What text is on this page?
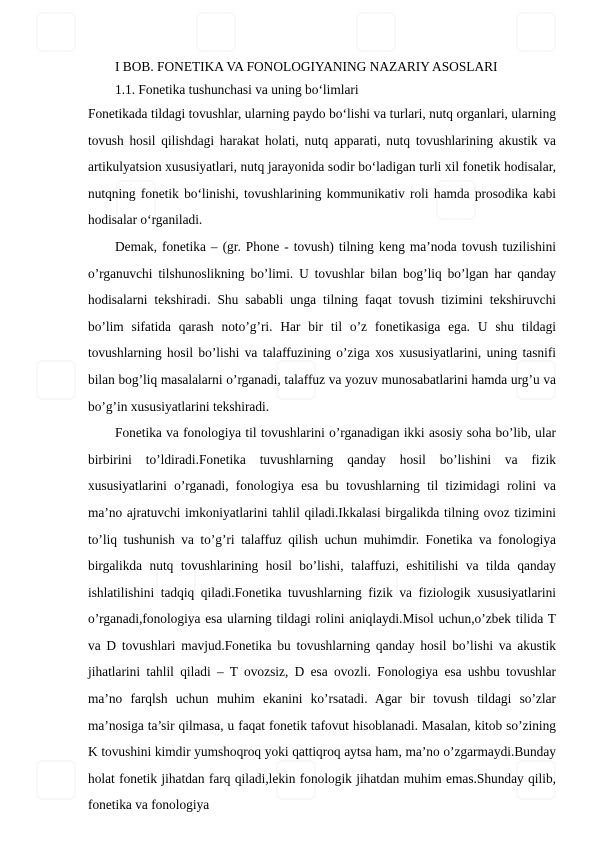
I BOB. FONETIKA VA FONOLOGIYANING NAZARIY ASOSLARI
1.1. Fonetika tushunchasi va uning bo‘limlari

Fonetikada tildagi tovushlar, ularning paydo bo‘lishi va turlari, nutq organlari, ularning tovush hosil qilishdagi harakat holati, nutq apparati, nutq tovushlarining akustik va artikulyatsion xususiyatlari, nutq jarayonida sodir bo‘ladigan turli xil fonetik hodisalar, nutqning fonetik bo‘linishi, tovushlarining kommunikativ roli hamda prosodika kabi hodisalar o‘rganiladi.

Demak, fonetika – (gr. Phone - tovush) tilning keng ma’noda tovush tuzilishini o’rganuvchi tilshunoslikning bo’limi. U tovushlar bilan bog’liq bo’lgan har qanday hodisalarni tekshiradi. Shu sababli unga tilning faqat tovush tizimini tekshiruvchi bo’lim sifatida qarash noto’g’ri. Har bir til o’z fonetikasiga ega. U shu tildagi tovushlarning hosil bo’lishi va talaffuzining o’ziga xos xususiyatlarini, uning tasnifi bilan bog’liq masalalarni o’rganadi, talaffuz va yozuv munosabatlarini hamda urg’u va bo’g’in xususiyatlarini tekshiradi.

Fonetika va fonologiya til tovushlarini o’rganadigan ikki asosiy soha bo’lib, ular birbirini to’ldiradi.Fonetika tuvushlarning qanday hosil bo’lishini va fizik xususiyatlarini o’rganadi, fonologiya esa bu tovushlarning til tizimidagi rolini va ma’no ajratuvchi imkoniyatlarini tahlil qiladi.Ikkalasi birgalikda tilning ovoz tizimini to’liq tushunish va to’g’ri talaffuz qilish uchun muhimdir. Fonetika va fonologiya birgalikda nutq tovushlarining hosil bo’lishi, talaffuzi, eshitilishi va tilda qanday ishlatilishini tadqiq qiladi.Fonetika tuvushlarning fizik va fiziologik xususiyatlarini o’rganadi,fonologiya esa ularning tildagi rolini aniqlaydi.Misol uchun,o’zbek tilida T va D tovushlari mavjud.Fonetika bu tovushlarning qanday hosil bo’lishi va akustik jihatlarini tahlil qiladi – T ovozsiz, D esa ovozli. Fonologiya esa ushbu tovushlar ma’no farqlsh uchun muhim ekanini ko’rsatadi. Agar bir tovush tildagi so’zlar ma’nosiga ta’sir qilmasa, u faqat fonetik tafovut hisoblanadi. Masalan, kitob so’zining K tovushini kimdir yumshoqroq yoki qattiqroq aytsa ham, ma’no o’zgarmaydi.Bunday holat fonetik jihatdan farq qiladi,lekin fonologik jihatdan muhim emas.Shunday qilib, fonetika va fonologiya
